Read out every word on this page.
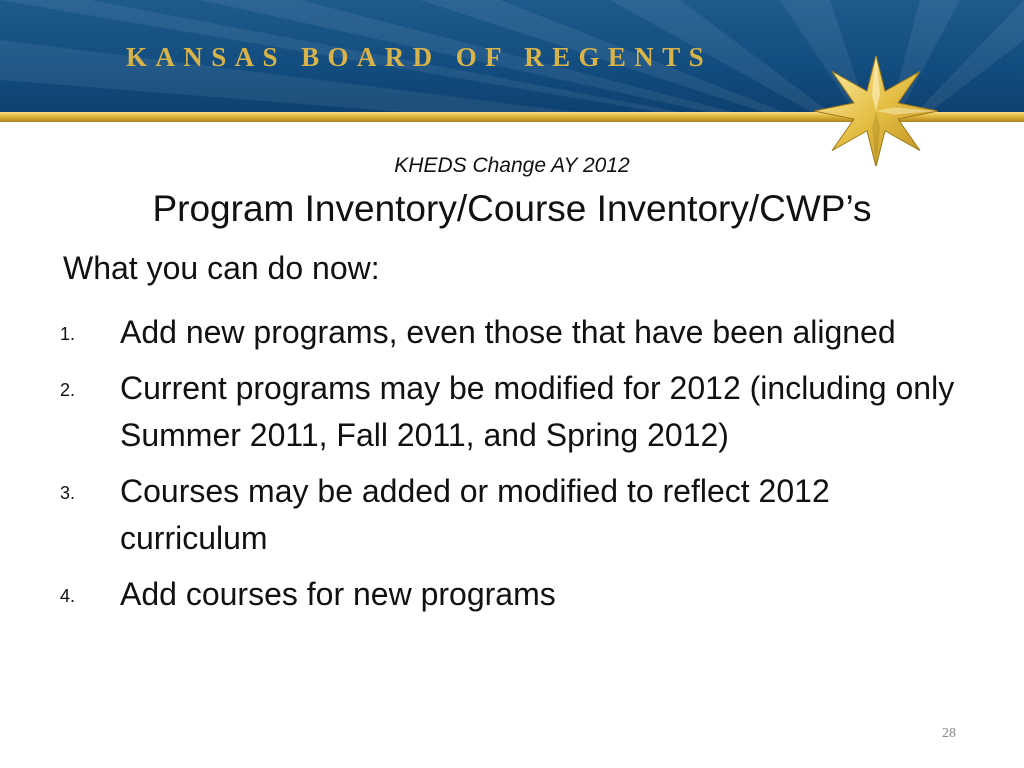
KANSAS BOARD OF REGENTS
KHEDS Change AY 2012
Program Inventory/Course Inventory/CWP’s
What you can do now:
1. Add new programs, even those that have been aligned
2. Current programs may be modified for 2012 (including only Summer 2011, Fall 2011, and Spring 2012)
3. Courses may be added or modified to reflect 2012 curriculum
4. Add courses for new programs
28
